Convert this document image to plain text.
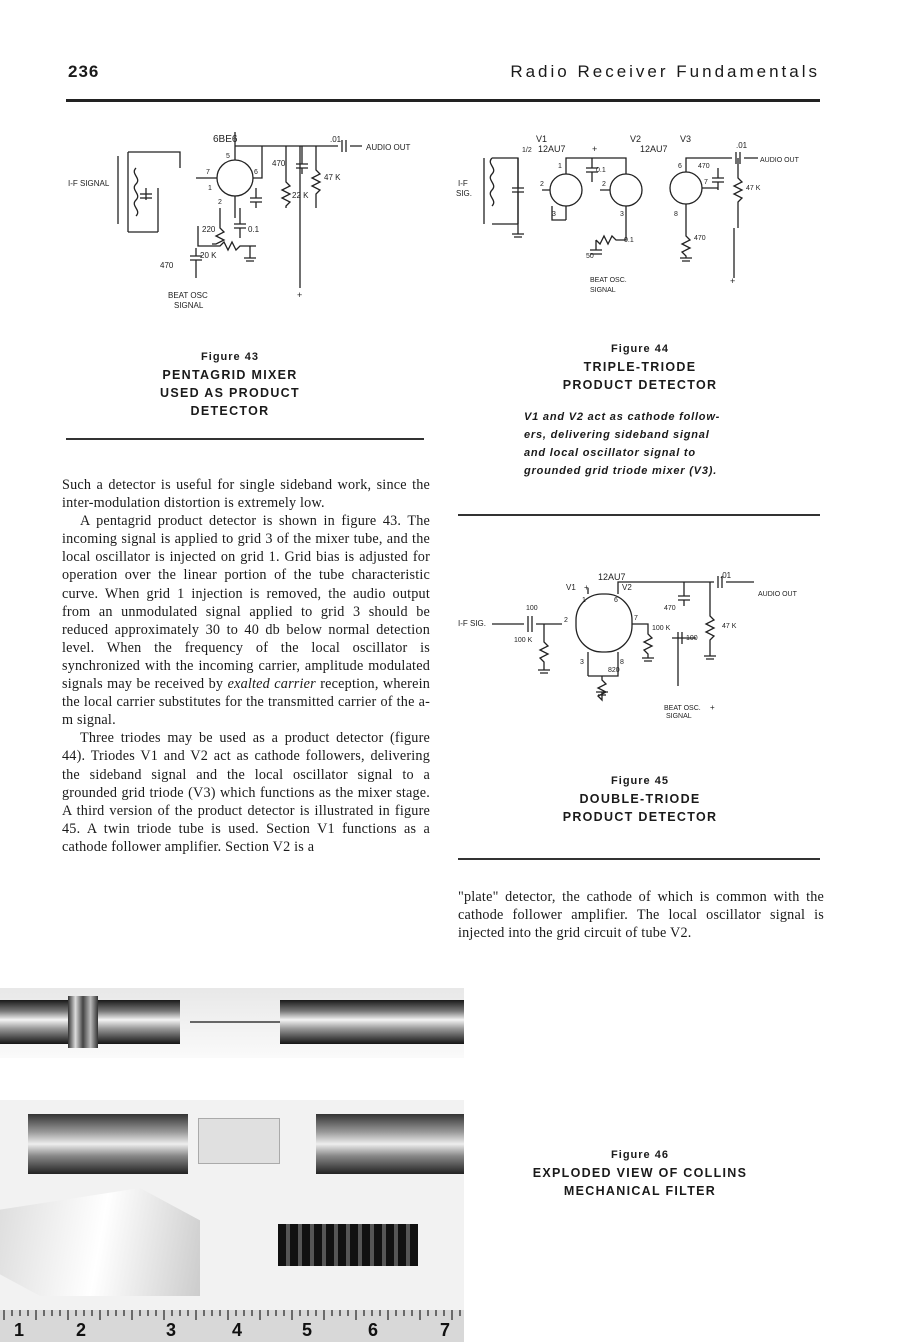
236	Radio Receiver Fundamentals
6BE6	.01
AUDIO OUT
I-F SIGNAL
470
47 K
22 K
220	0.1
20 K
470
BEAT OSC
SIGNAL
+
5
7	6
1
2
Figure 43
PENTAGRID MIXER
USED AS PRODUCT
DETECTOR
V1
1/2 12AU7	+
V2	V3
12AU7	.01
AUDIO OUT
I-F
SIG.
0.1
470
47 K
470
50
0.1
BEAT OSC.
SIGNAL
+
1
2
3
2
3
6
7
8
Figure 44
TRIPLE-TRIODE
PRODUCT DETECTOR
V1 and V2 act as cathode follow-
ers, delivering sideband signal
and local oscillator signal to
grounded grid triode mixer (V3).
12AU7
V1 +	V2
.01
AUDIO OUT
I-F SIG.
100
100 K
470
47 K
100 K
100
820
BEAT OSC.
SIGNAL
+
1
2
3
6
7
8
Figure 45
DOUBLE-TRIODE
PRODUCT DETECTOR

Such a detector is useful for single sideband work, since the inter-modulation distortion is extremely low.

A pentagrid product detector is shown in figure 43. The incoming signal is applied to grid 3 of the mixer tube, and the local oscillator is injected on grid 1. Grid bias is adjusted for operation over the linear portion of the tube characteristic curve. When grid 1 injection is removed, the audio output from an unmodulated signal applied to grid 3 should be reduced approximately 30 to 40 db below normal detection level. When the frequency of the local oscillator is synchronized with the incoming carrier, amplitude modulated signals may be received by exalted carrier reception, wherein the local carrier substitutes for the transmitted carrier of the a-m signal.

Three triodes may be used as a product detector (figure 44). Triodes V1 and V2 act as cathode followers, delivering the sideband signal and the local oscillator signal to a grounded grid triode (V3) which functions as the mixer stage. A third version of the product detector is illustrated in figure 45. A twin triode tube is used. Section V1 functions as a cathode follower amplifier. Section V2 is a

"plate" detector, the cathode of which is common with the cathode follower amplifier. The local oscillator signal is injected into the grid circuit of tube V2.

1	2	3	4	5	6	7
Figure 46
EXPLODED VIEW OF COLLINS
MECHANICAL FILTER
